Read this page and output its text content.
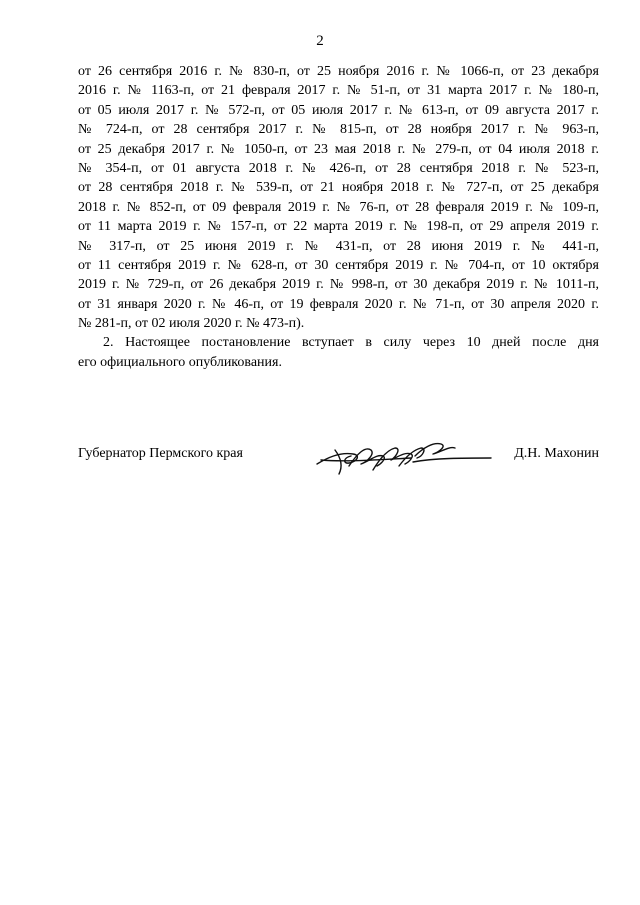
2
от 26 сентября 2016 г. № 830-п, от 25 ноября 2016 г. № 1066-п, от 23 декабря
2016 г. № 1163-п, от 21 февраля 2017 г. № 51-п, от 31 марта 2017 г. № 180-п,
от 05 июля 2017 г. № 572-п, от 05 июля 2017 г. № 613-п, от 09 августа 2017 г.
№ 724-п, от 28 сентября 2017 г. № 815-п, от 28 ноября 2017 г. № 963-п,
от 25 декабря 2017 г. № 1050-п, от 23 мая 2018 г. № 279-п, от 04 июля 2018 г.
№ 354-п, от 01 августа 2018 г. № 426-п, от 28 сентября 2018 г. № 523-п,
от 28 сентября 2018 г. № 539-п, от 21 ноября 2018 г. № 727-п, от 25 декабря
2018 г. № 852-п, от 09 февраля 2019 г. № 76-п, от 28 февраля 2019 г. № 109-п,
от 11 марта 2019 г. № 157-п, от 22 марта 2019 г. № 198-п, от 29 апреля 2019 г.
№ 317-п, от 25 июня 2019 г. № 431-п, от 28 июня 2019 г. № 441-п,
от 11 сентября 2019 г. № 628-п, от 30 сентября 2019 г. № 704-п, от 10 октября
2019 г. № 729-п, от 26 декабря 2019 г. № 998-п, от 30 декабря 2019 г. № 1011-п,
от 31 января 2020 г. № 46-п, от 19 февраля 2020 г. № 71-п, от 30 апреля 2020 г.
№ 281-п, от 02 июля 2020 г. № 473-п).
2. Настоящее постановление вступает в силу через 10 дней после дня
его официального опубликования.
Губернатор Пермского края	Д.Н. Махонин
